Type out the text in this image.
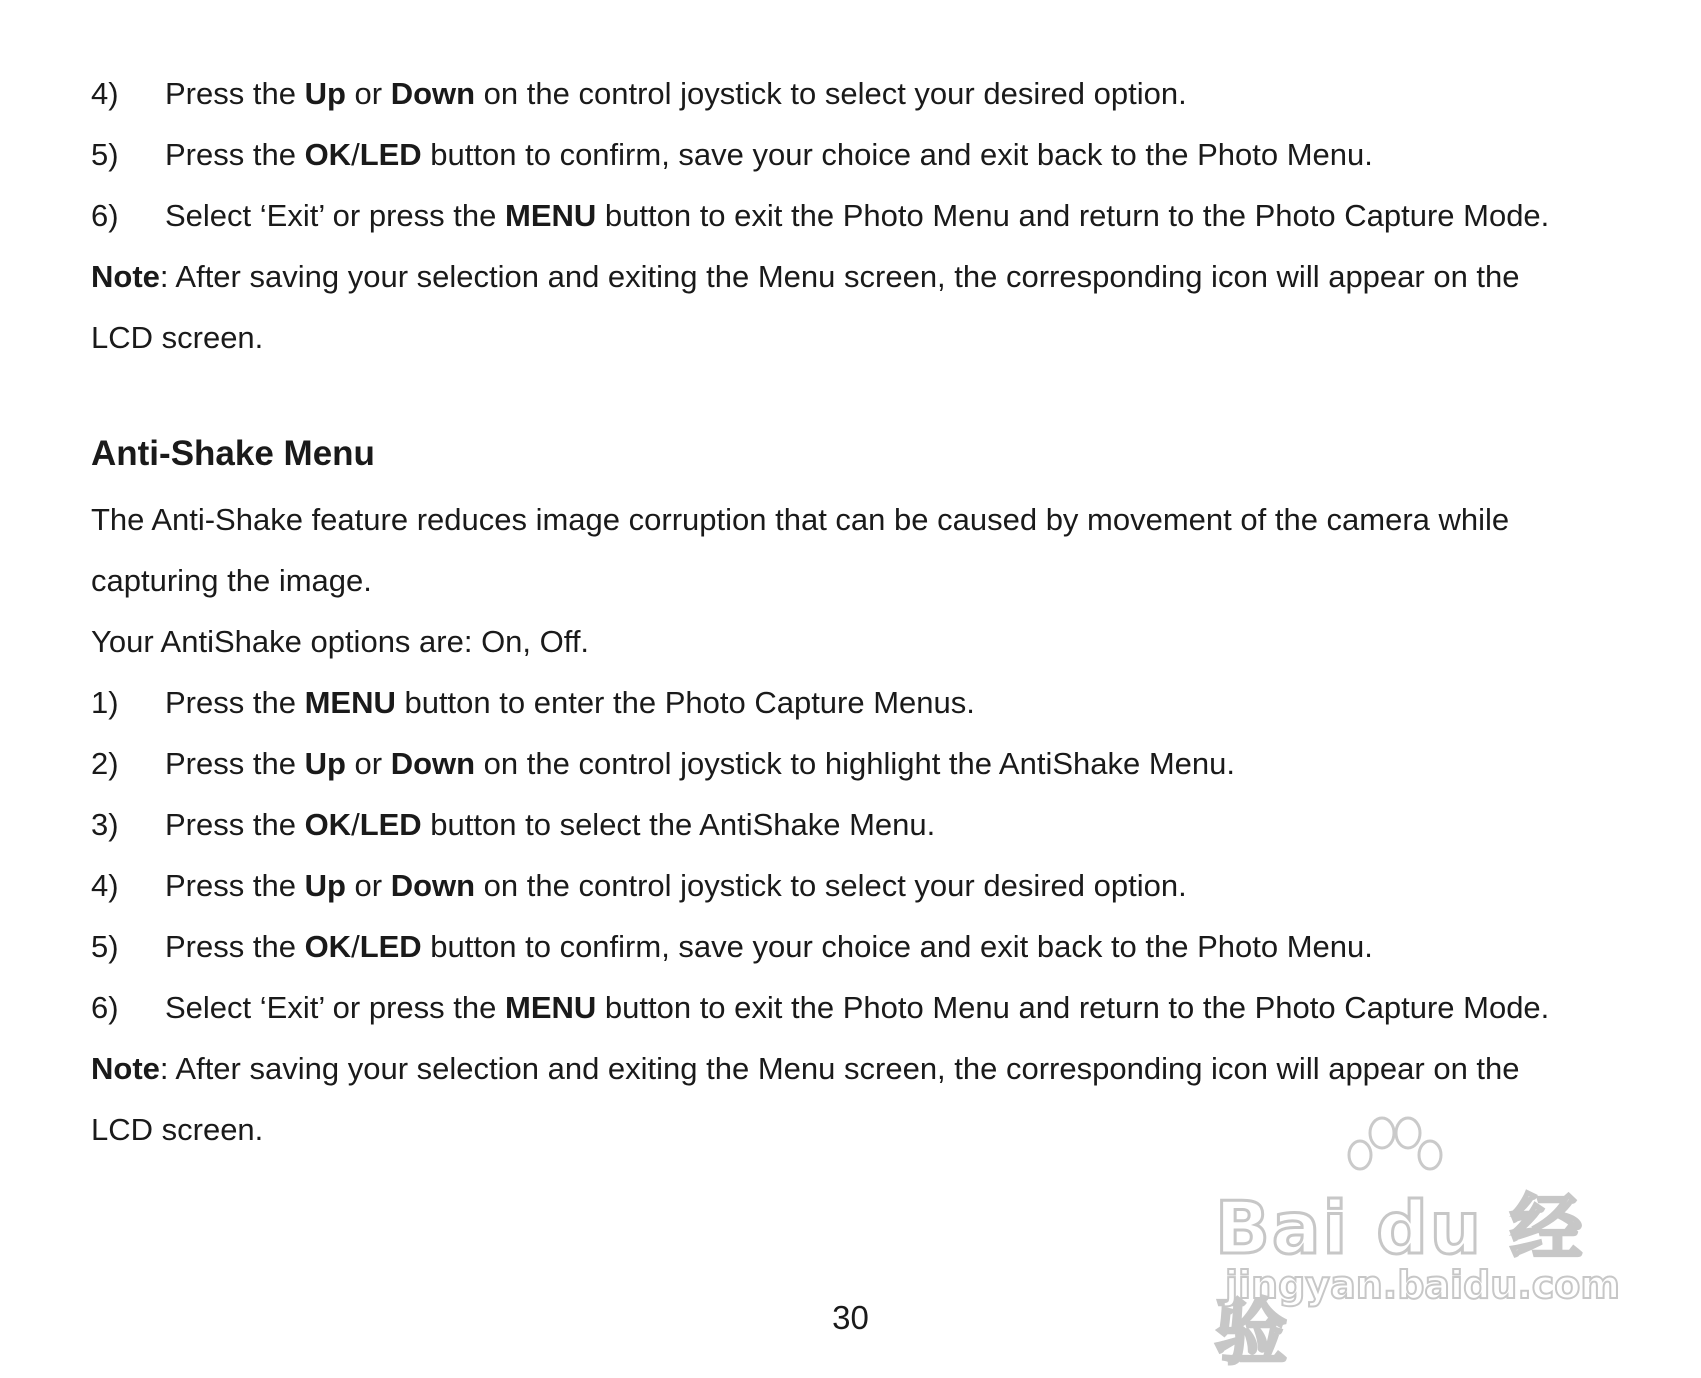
4) Press the Up or Down on the control joystick to select your desired option.
5) Press the OK/LED button to confirm, save your choice and exit back to the Photo Menu.
6) Select ‘Exit’ or press the MENU button to exit the Photo Menu and return to the Photo Capture Mode.
Note: After saving your selection and exiting the Menu screen, the corresponding icon will appear on the
LCD screen.
Anti-Shake Menu
The Anti-Shake feature reduces image corruption that can be caused by movement of the camera while
capturing the image.
Your AntiShake options are: On, Off.
1) Press the MENU button to enter the Photo Capture Menus.
2) Press the Up or Down on the control joystick to highlight the AntiShake Menu.
3) Press the OK/LED button to select the AntiShake Menu.
4) Press the Up or Down on the control joystick to select your desired option.
5) Press the OK/LED button to confirm, save your choice and exit back to the Photo Menu.
6) Select ‘Exit’ or press the MENU button to exit the Photo Menu and return to the Photo Capture Mode.
Note: After saving your selection and exiting the Menu screen, the corresponding icon will appear on the
LCD screen.
30
Bai du 经验
jingyan.baidu.com
